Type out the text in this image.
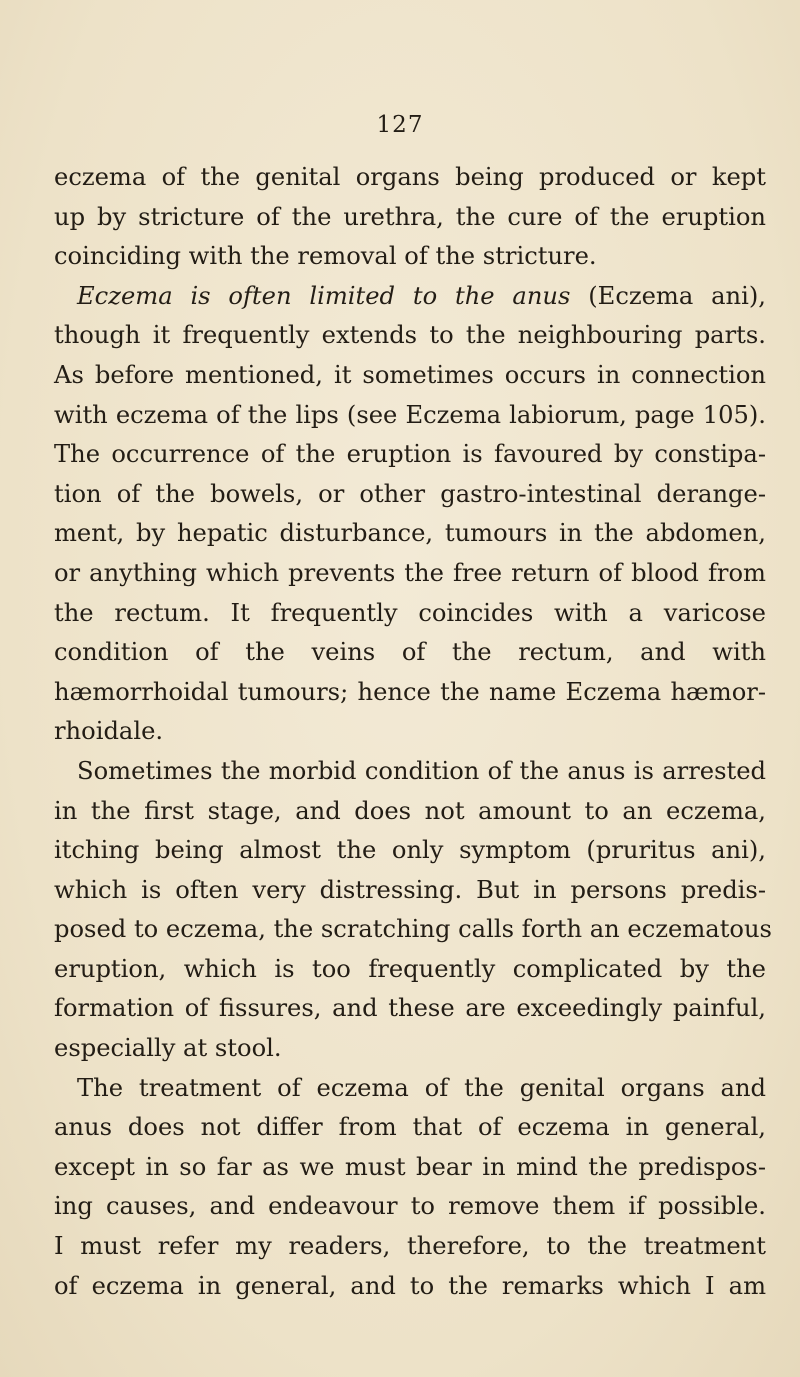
127
eczema of the genital organs being produced or kept
up by stricture of the urethra, the cure of the eruption
coinciding with the removal of the stricture.
Eczema is often limited to the anus (Eczema ani),
though it frequently extends to the neighbouring parts.
As before mentioned, it sometimes occurs in connection
with eczema of the lips (see Eczema labiorum, page 105).
The occurrence of the eruption is favoured by constipa-
tion of the bowels, or other gastro-intestinal derange-
ment, by hepatic disturbance, tumours in the abdomen,
or anything which prevents the free return of blood from
the rectum. It frequently coincides with a varicose
condition of the veins of the rectum, and with
hæmorrhoidal tumours; hence the name Eczema hæmor-
rhoidale.
Sometimes the morbid condition of the anus is arrested
in the first stage, and does not amount to an eczema,
itching being almost the only symptom (pruritus ani),
which is often very distressing. But in persons predis-
posed to eczema, the scratching calls forth an eczematous
eruption, which is too frequently complicated by the
formation of fissures, and these are exceedingly painful,
especially at stool.
The treatment of eczema of the genital organs and
anus does not differ from that of eczema in general,
except in so far as we must bear in mind the predispos-
ing causes, and endeavour to remove them if possible.
I must refer my readers, therefore, to the treatment
of eczema in general, and to the remarks which I am
